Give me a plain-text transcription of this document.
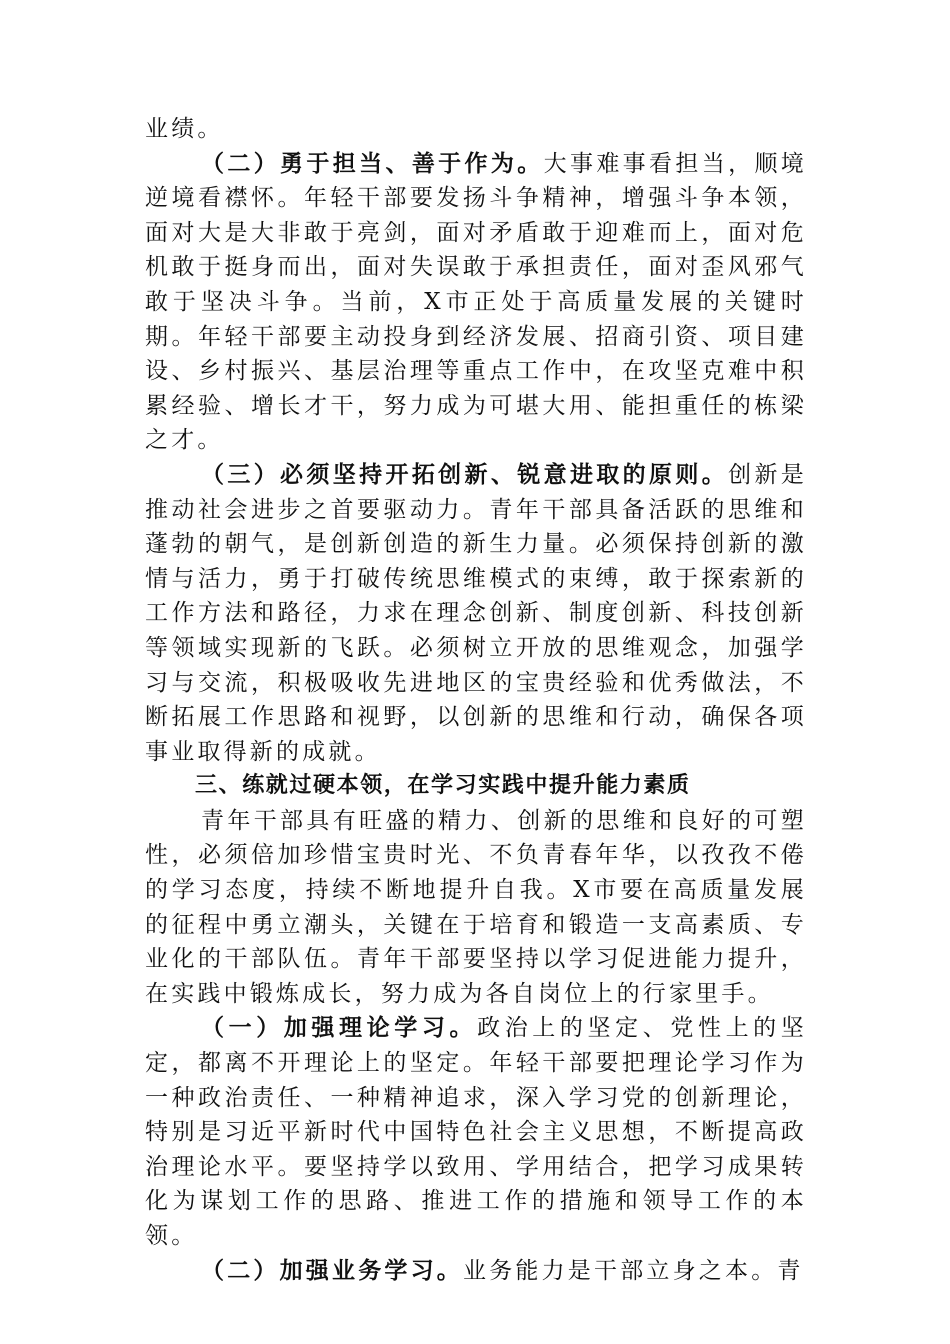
业绩。

（二）勇于担当、善于作为。大事难事看担当，顺境逆境看襟怀。年轻干部要发扬斗争精神，增强斗争本领，面对大是大非敢于亮剑，面对矛盾敢于迎难而上，面对危机敢于挺身而出，面对失误敢于承担责任，面对歪风邪气敢于坚决斗争。当前，X市正处于高质量发展的关键时期。年轻干部要主动投身到经济发展、招商引资、项目建设、乡村振兴、基层治理等重点工作中，在攻坚克难中积累经验、增长才干，努力成为可堪大用、能担重任的栋梁之才。

（三）必须坚持开拓创新、锐意进取的原则。创新是推动社会进步之首要驱动力。青年干部具备活跃的思维和蓬勃的朝气，是创新创造的新生力量。必须保持创新的激情与活力，勇于打破传统思维模式的束缚，敢于探索新的工作方法和路径，力求在理念创新、制度创新、科技创新等领域实现新的飞跃。必须树立开放的思维观念，加强学习与交流，积极吸收先进地区的宝贵经验和优秀做法，不断拓展工作思路和视野，以创新的思维和行动，确保各项事业取得新的成就。

三、练就过硬本领，在学习实践中提升能力素质

青年干部具有旺盛的精力、创新的思维和良好的可塑性，必须倍加珍惜宝贵时光、不负青春年华，以孜孜不倦的学习态度，持续不断地提升自我。X市要在高质量发展的征程中勇立潮头，关键在于培育和锻造一支高素质、专业化的干部队伍。青年干部要坚持以学习促进能力提升，在实践中锻炼成长，努力成为各自岗位上的行家里手。

（一）加强理论学习。政治上的坚定、党性上的坚定，都离不开理论上的坚定。年轻干部要把理论学习作为一种政治责任、一种精神追求，深入学习党的创新理论，特别是习近平新时代中国特色社会主义思想，不断提高政治理论水平。要坚持学以致用、学用结合，把学习成果转化为谋划工作的思路、推进工作的措施和领导工作的本领。

（二）加强业务学习。业务能力是干部立身之本。青
